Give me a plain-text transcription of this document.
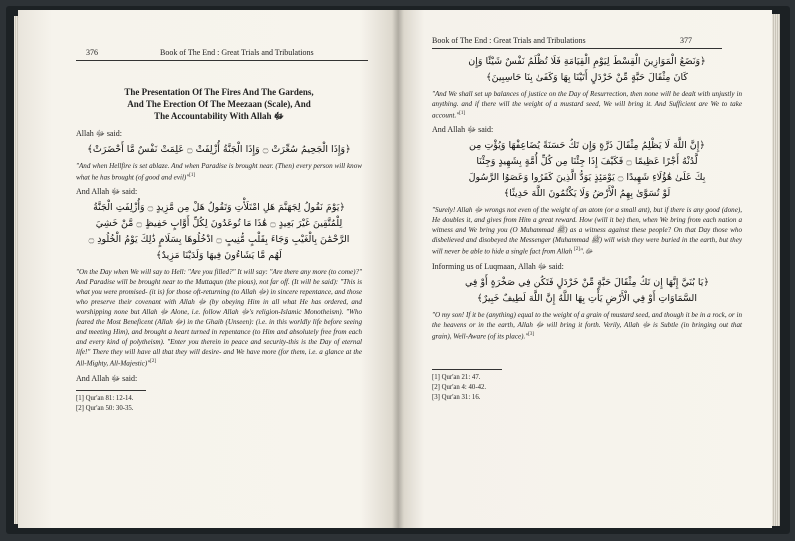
376	Book of The End : Great Trials and Tribulations
The Presentation Of The Fires And The Gardens,
And The Erection Of The Meezaan (Scale), And
The Accountability With Allah ﷻ
Allah ﷻ said:
﴿وَإِذَا الْجَحِيمُ سُعِّرَتْ ۝ وَإِذَا الْجَنَّةُ أُزْلِفَتْ ۝ عَلِمَتْ نَفْسٌ مَّا أَحْضَرَتْ﴾
"And when Hellfire is set ablaze. And when Paradise is brought near. (Then) every person will know what he has brought (of good and evil)"[1]
And Allah ﷻ said:
﴿يَوْمَ نَقُولُ لِجَهَنَّمَ هَلِ امْتَلَأْتِ وَتَقُولُ هَلْ مِن مَّزِيدٍ ۝ وَأُزْلِفَتِ الْجَنَّةُ
لِلْمُتَّقِينَ غَيْرَ بَعِيدٍ ۝ هَٰذَا مَا تُوعَدُونَ لِكُلِّ أَوَّابٍ حَفِيظٍ ۝ مَّنْ خَشِيَ
الرَّحْمَٰنَ بِالْغَيْبِ وَجَاءَ بِقَلْبٍ مُّنِيبٍ ۝ ادْخُلُوهَا بِسَلَامٍ ذَٰلِكَ يَوْمُ الْخُلُودِ ۝
لَهُم مَّا يَشَاءُونَ فِيهَا وَلَدَيْنَا مَزِيدٌ﴾
"On the Day when We will say to Hell: "Are you filled?" It will say: "Are there any more (to come)?" And Paradise will be brought near to the Muttaqun (the pious), not far off. (It will be said): "This is what you were promised- (it is) for those oft-returning (to Allah ﷻ) in sincere repentance, and those who preserve their covenant with Allah ﷻ (by obeying Him in all what He has ordered, and worshipping none but Allah ﷻ Alone, i.e. follow Allah ﷻ's religion-Islamic Monotheism). "Who feared the Most Beneficent (Allah ﷻ) in the Ghaib (Unseen): (i.e. in this worldly life before seeing and meeting Him), and brought a heart turned in repentance (to Him and absolutely free from each and every kind of polytheism). "Enter you therein in peace and security-this is the Day of eternal life!" There they will have all that they will desire- and We have more (for them, i.e. a glance at the All-Mighty, All-Majestic)"[2]
And Allah ﷻ said:
[1] Qur'an 81: 12-14.
[2] Qur'an 50: 30-35.
Book of The End : Great Trials and Tribulations	377
﴿وَنَضَعُ الْمَوَازِينَ الْقِسْطَ لِيَوْمِ الْقِيَامَةِ فَلَا تُظْلَمُ نَفْسٌ شَيْئًا وَإِن
كَانَ مِثْقَالَ حَبَّةٍ مِّنْ خَرْدَلٍ أَتَيْنَا بِهَا وَكَفَىٰ بِنَا حَاسِبِينَ﴾
"And We shall set up balances of justice on the Day of Resurrection, then none will be dealt with unjustly in anything. and if there will the weight of a mustard seed, We will bring it. And Sufficient are We to take account."[1]
And Allah ﷻ said:
﴿إِنَّ اللَّهَ لَا يَظْلِمُ مِثْقَالَ ذَرَّةٍ وَإِن تَكُ حَسَنَةً يُضَاعِفْهَا وَيُؤْتِ مِن
لَّدُنْهُ أَجْرًا عَظِيمًا ۝ فَكَيْفَ إِذَا جِئْنَا مِن كُلِّ أُمَّةٍ بِشَهِيدٍ وَجِئْنَا
بِكَ عَلَىٰ هَٰؤُلَاءِ شَهِيدًا ۝ يَوْمَئِذٍ يَوَدُّ الَّذِينَ كَفَرُوا وَعَصَوُا الرَّسُولَ
لَوْ تُسَوَّىٰ بِهِمُ الْأَرْضُ وَلَا يَكْتُمُونَ اللَّهَ حَدِيثًا﴾
"Surely! Allah ﷻ wrongs not even of the weight of an atom (or a small ant), but if there is any good (done), He doubles it, and gives from Him a great reward. How (will it be) then, when We bring from each nation a witness and We bring you (O Muhammad ﷺ) as a witness against these people? On that Day those who disbelieved and disobeyed the Messenger (Muhammad ﷺ) will wish they were buried in the earth, but they will never be able to hide a single fact from Allah ﷻ."[2]
Informing us of Luqmaan, Allah ﷻ said:
﴿يَا بُنَيَّ إِنَّهَا إِن تَكُ مِثْقَالَ حَبَّةٍ مِّنْ خَرْدَلٍ فَتَكُن فِي صَخْرَةٍ أَوْ فِي
السَّمَاوَاتِ أَوْ فِي الْأَرْضِ يَأْتِ بِهَا اللَّهُ إِنَّ اللَّهَ لَطِيفٌ خَبِيرٌ﴾
"O my son! If it be (anything) equal to the weight of a grain of mustard seed, and though it be in a rock, or in the heavens or in the earth, Allah ﷻ will bring it forth. Verily, Allah ﷻ is Subtle (in bringing out that grain), Well-Aware (of its place)."[3]
[1] Qur'an 21: 47.
[2] Qur'an 4: 40-42.
[3] Qur'an 31: 16.
